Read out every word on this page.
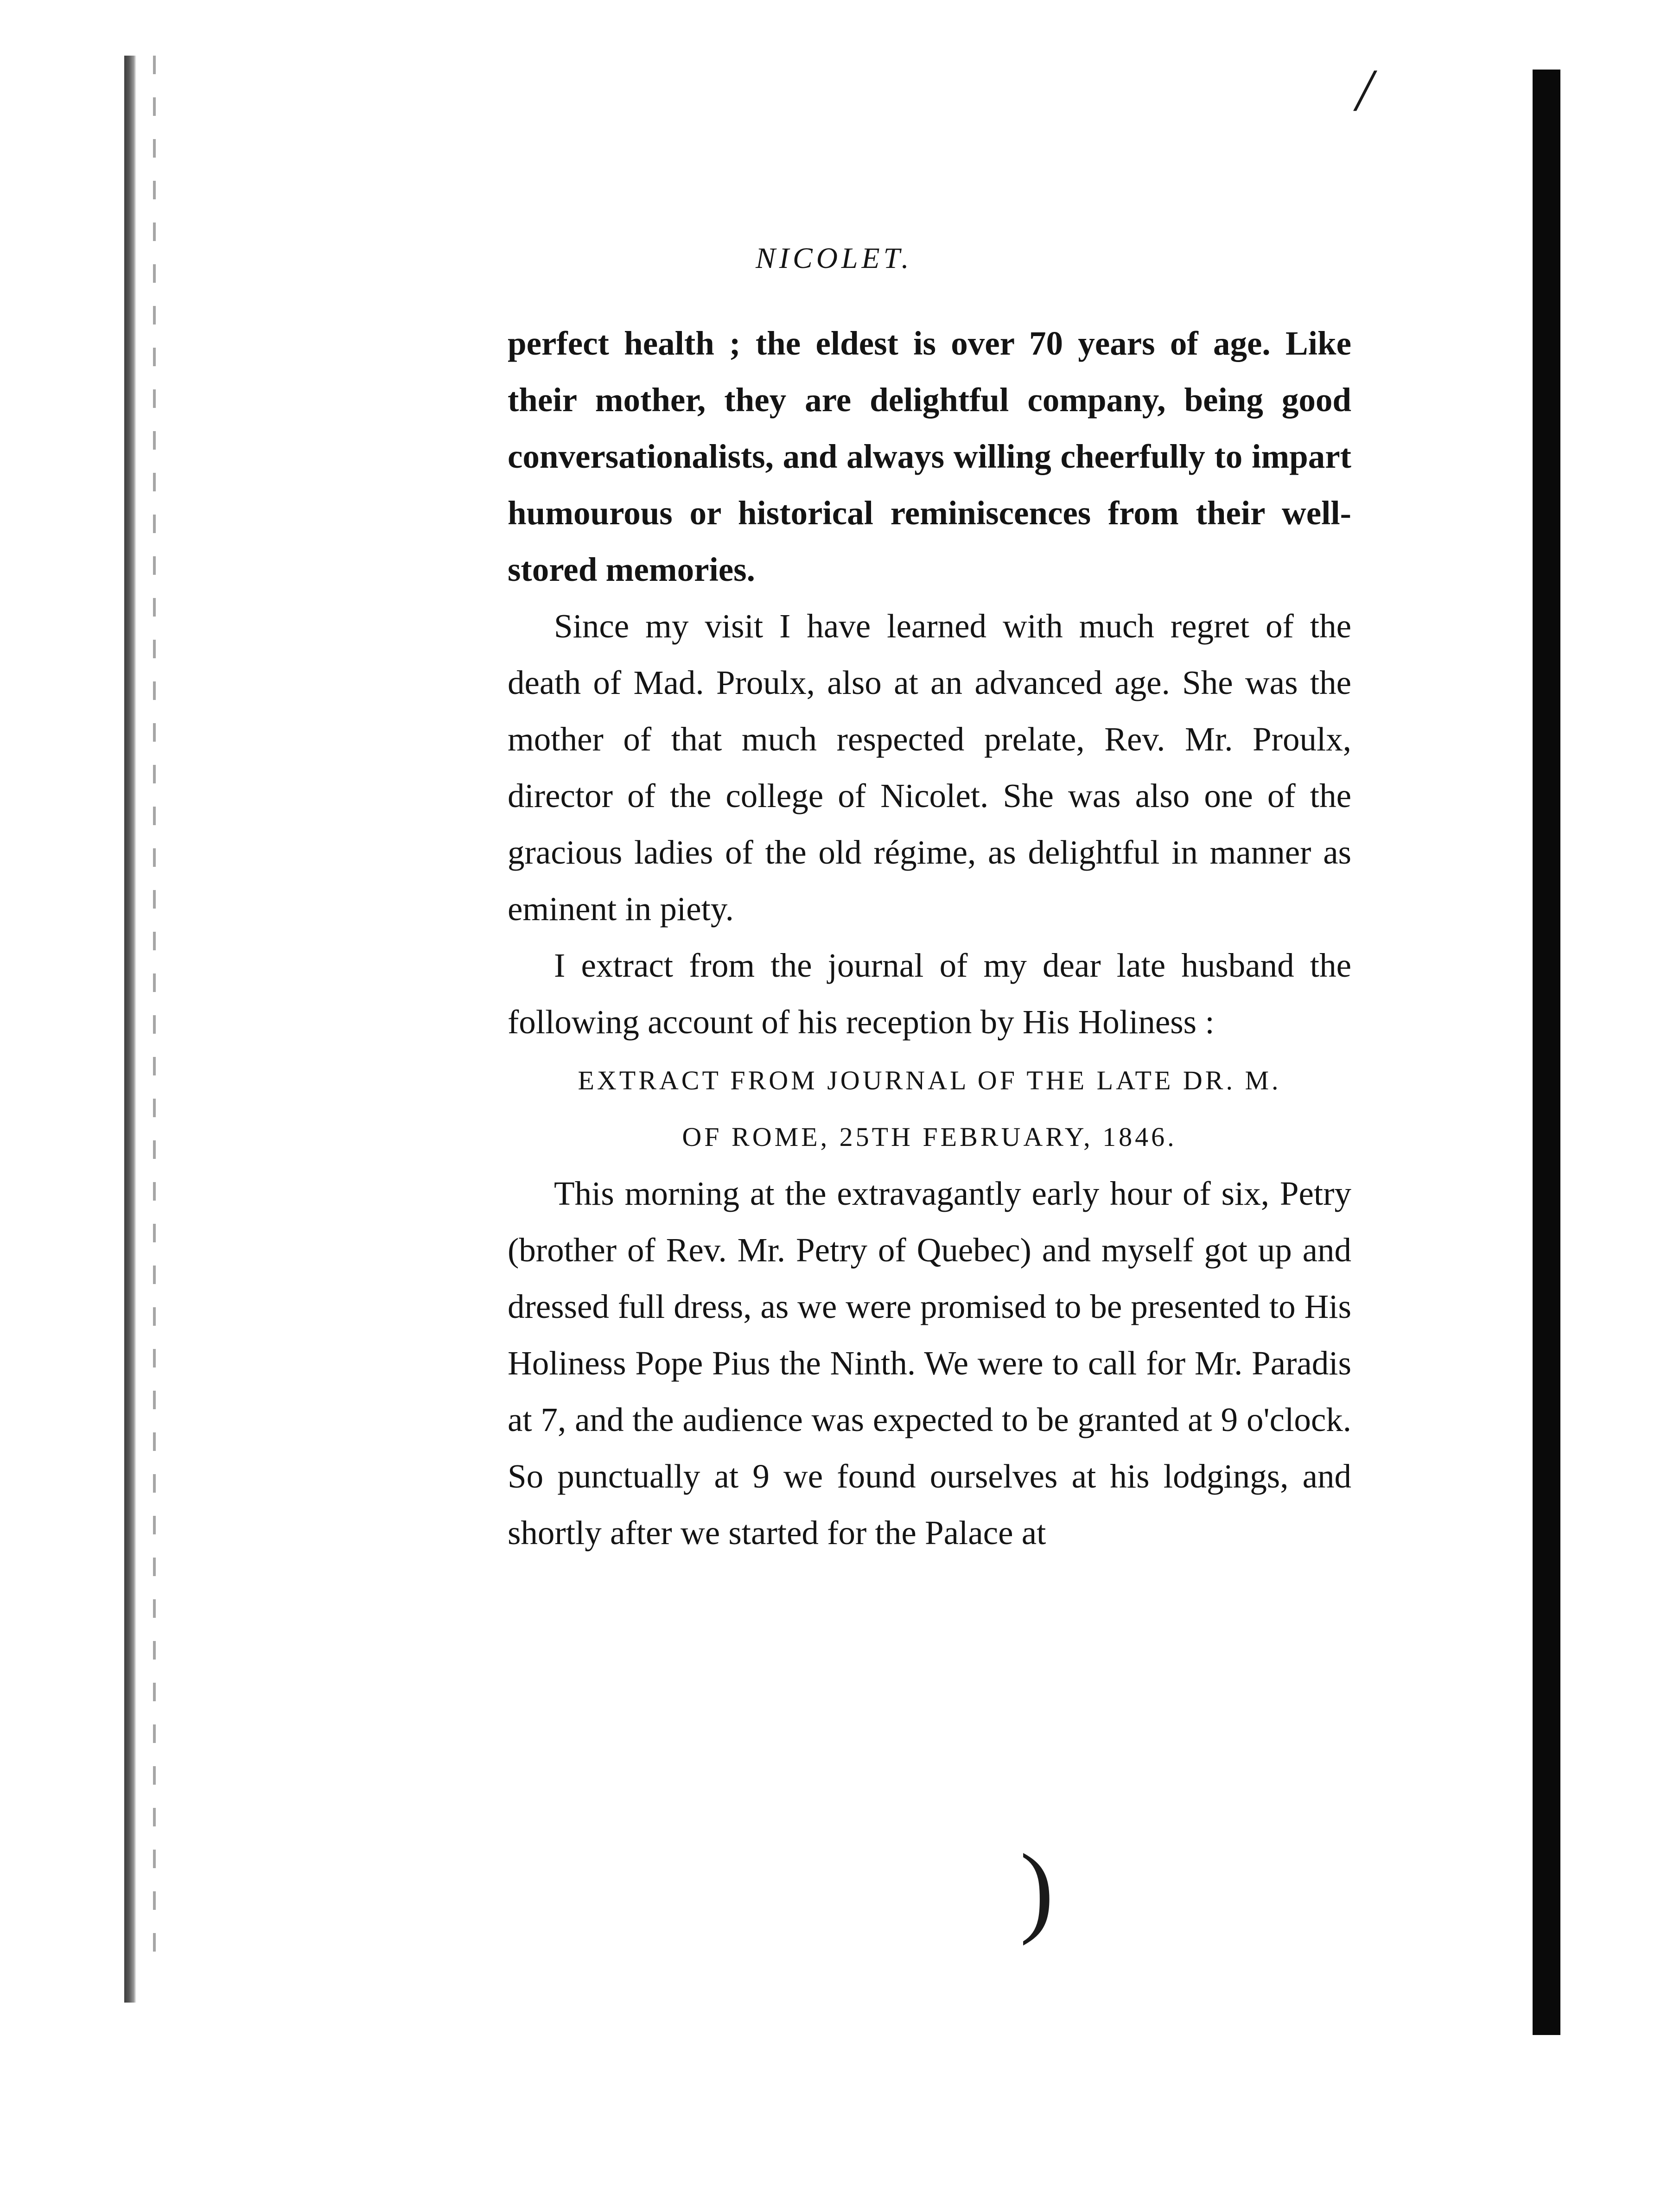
/
NICOLET.

perfect health ; the eldest is over 70 years of age. Like their mother, they are delightful company, being good conversationalists, and always willing cheerfully to impart humourous or historical reminiscences from their well-stored memories.

Since my visit I have learned with much regret of the death of Mad. Proulx, also at an advanced age. She was the mother of that much respected prelate, Rev. Mr. Proulx, director of the college of Nicolet. She was also one of the gracious ladies of the old régime, as delightful in manner as eminent in piety.

I extract from the journal of my dear late husband the following account of his reception by His Holiness :

EXTRACT FROM JOURNAL OF THE LATE DR. M.

OF ROME, 25TH FEBRUARY, 1846.

This morning at the extravagantly early hour of six, Petry (brother of Rev. Mr. Petry of Quebec) and myself got up and dressed full dress, as we were promised to be presented to His Holiness Pope Pius the Ninth. We were to call for Mr. Paradis at 7, and the audience was expected to be granted at 9 o'clock. So punctually at 9 we found ourselves at his lodgings, and shortly after we started for the Palace at

)
